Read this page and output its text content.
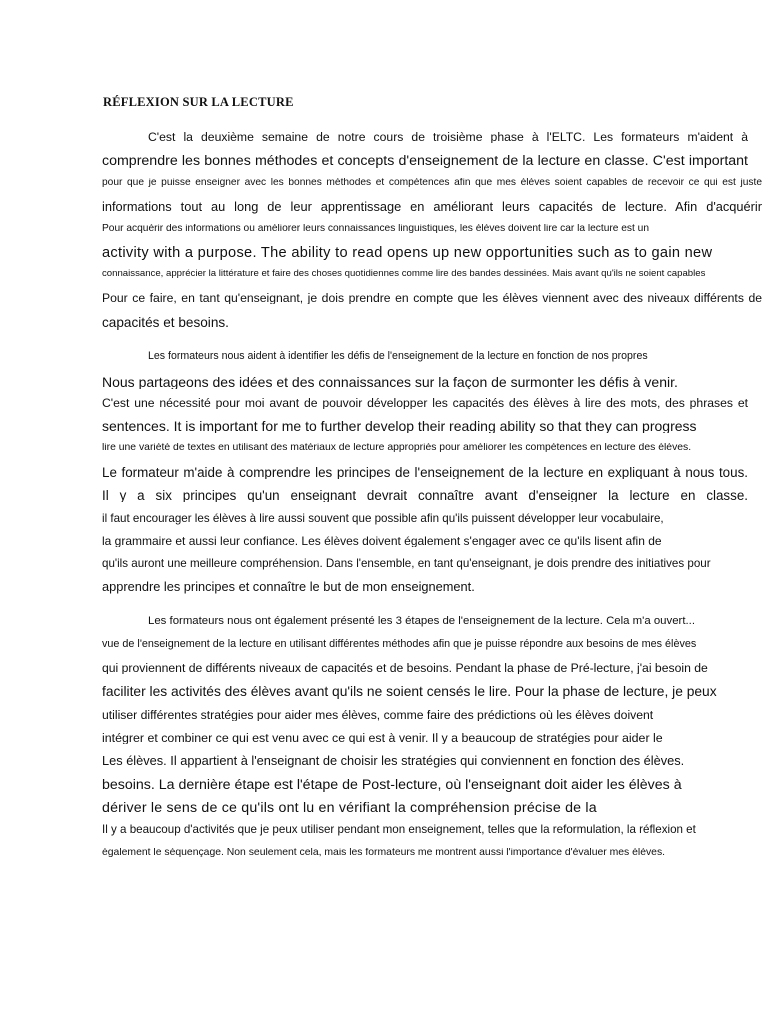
RÉFLEXION SUR LA LECTURE
C'est la deuxième semaine de notre cours de troisième phase à l'ELTC. Les formateurs m'aident à
comprendre les bonnes méthodes et concepts d'enseignement de la lecture en classe. C'est important
pour que je puisse enseigner avec les bonnes méthodes et compétences afin que mes élèves soient capables de recevoir ce qui est juste
informations tout au long de leur apprentissage en améliorant leurs capacités de lecture. Afin d'acquérir
Pour acquérir des informations ou améliorer leurs connaissances linguistiques, les élèves doivent lire car la lecture est un
activity with a purpose. The ability to read opens up new opportunities such as to gain new
connaissance, apprécier la littérature et faire des choses quotidiennes comme lire des bandes dessinées. Mais avant qu'ils ne soient capables
Pour ce faire, en tant qu'enseignant, je dois prendre en compte que les élèves viennent avec des niveaux différents de
capacités et besoins.
Les formateurs nous aident à identifier les défis de l'enseignement de la lecture en fonction de nos propres
Nous partageons des idées et des connaissances sur la façon de surmonter les défis à venir.
C'est une nécessité pour moi avant de pouvoir développer les capacités des élèves à lire des mots, des phrases et
sentences. It is important for me to further develop their reading ability so that they can progress
lire une variété de textes en utilisant des matériaux de lecture appropriés pour améliorer les compétences en lecture des élèves.
Le formateur m'aide à comprendre les principes de l'enseignement de la lecture en expliquant à nous tous.
Il y a six principes qu'un enseignant devrait connaître avant d'enseigner la lecture en classe.
il faut encourager les élèves à lire aussi souvent que possible afin qu'ils puissent développer leur vocabulaire,
la grammaire et aussi leur confiance. Les élèves doivent également s'engager avec ce qu'ils lisent afin de
qu'ils auront une meilleure compréhension. Dans l'ensemble, en tant qu'enseignant, je dois prendre des initiatives pour
apprendre les principes et connaître le but de mon enseignement.
Les formateurs nous ont également présenté les 3 étapes de l'enseignement de la lecture. Cela m'a ouvert...
vue de l'enseignement de la lecture en utilisant différentes méthodes afin que je puisse répondre aux besoins de mes élèves
qui proviennent de différents niveaux de capacités et de besoins. Pendant la phase de Pré-lecture, j'ai besoin de
faciliter les activités des élèves avant qu'ils ne soient censés le lire. Pour la phase de lecture, je peux
utiliser différentes stratégies pour aider mes élèves, comme faire des prédictions où les élèves doivent
intégrer et combiner ce qui est venu avec ce qui est à venir. Il y a beaucoup de stratégies pour aider le
Les élèves. Il appartient à l'enseignant de choisir les stratégies qui conviennent en fonction des élèves.
besoins. La dernière étape est l'étape de Post-lecture, où l'enseignant doit aider les élèves à
dériver le sens de ce qu'ils ont lu en vérifiant la compréhension précise de la
Il y a beaucoup d'activités que je peux utiliser pendant mon enseignement, telles que la reformulation, la réflexion et
également le séquençage. Non seulement cela, mais les formateurs me montrent aussi l'importance d'évaluer mes élèves.
